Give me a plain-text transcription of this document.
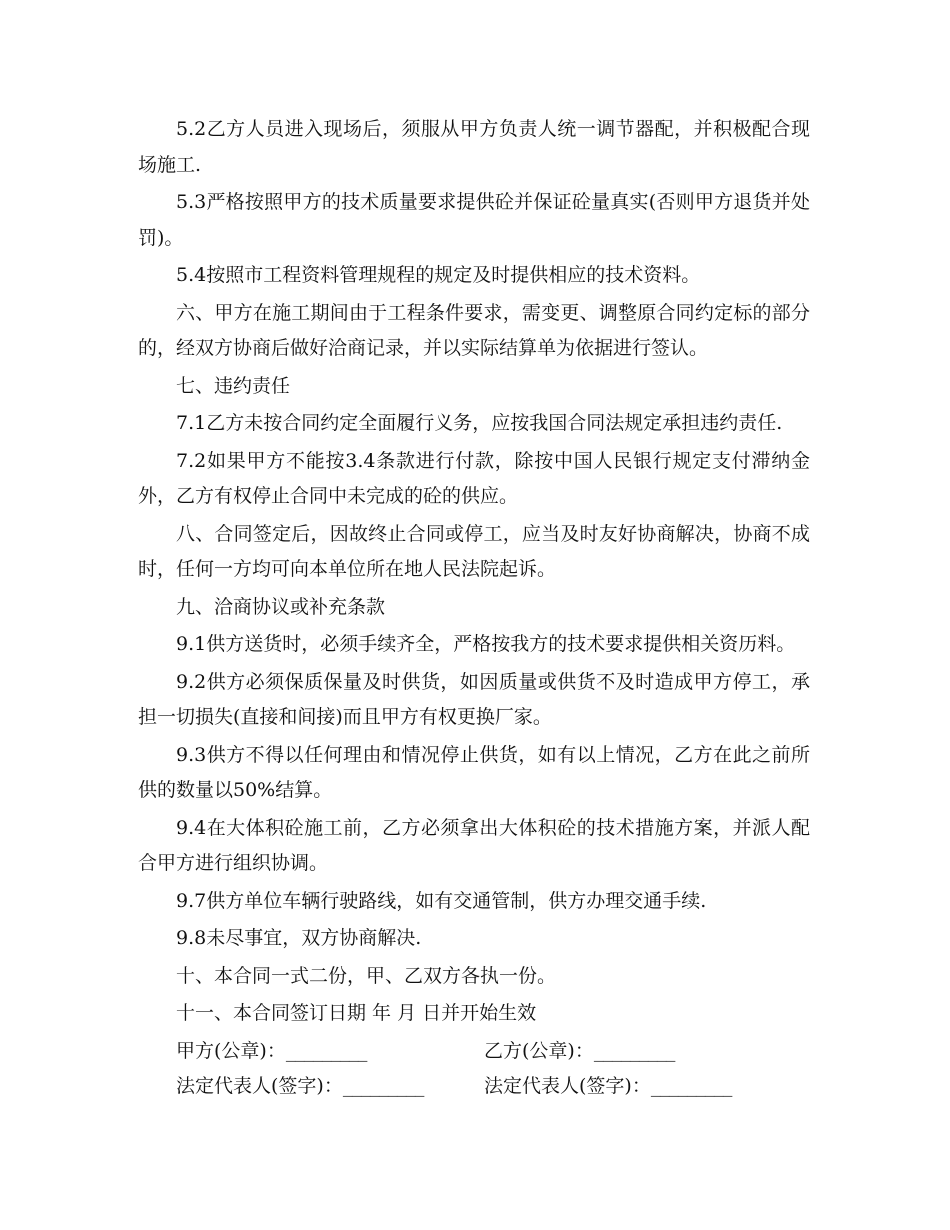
5.2乙方人员进入现场后，须服从甲方负责人统一调节器配，并积极配合现场施工.

5.3严格按照甲方的技术质量要求提供砼并保证砼量真实(否则甲方退货并处罚)。

5.4按照市工程资料管理规程的规定及时提供相应的技术资料。

六、甲方在施工期间由于工程条件要求，需变更、调整原合同约定标的部分的，经双方协商后做好洽商记录，并以实际结算单为依据进行签认。

七、违约责任

7.1乙方未按合同约定全面履行义务，应按我国合同法规定承担违约责任.

7.2如果甲方不能按3.4条款进行付款，除按中国人民银行规定支付滞纳金外，乙方有权停止合同中未完成的砼的供应。

八、合同签定后，因故终止合同或停工，应当及时友好协商解决，协商不成时，任何一方均可向本单位所在地人民法院起诉。

九、洽商协议或补充条款

9.1供方送货时，必须手续齐全，严格按我方的技术要求提供相关资历料。

9.2供方必须保质保量及时供货，如因质量或供货不及时造成甲方停工，承担一切损失(直接和间接)而且甲方有权更换厂家。

9.3供方不得以任何理由和情况停止供货，如有以上情况，乙方在此之前所供的数量以50%结算。

9.4在大体积砼施工前，乙方必须拿出大体积砼的技术措施方案，并派人配合甲方进行组织协调。

9.7供方单位车辆行驶路线，如有交通管制，供方办理交通手续.

9.8未尽事宜，双方协商解决.

十、本合同一式二份，甲、乙双方各执一份。

十一、本合同签订日期 年 月 日并开始生效

甲方(公章)：_________	乙方(公章)：_________
法定代表人(签字)：_________	法定代表人(签字)：_________
